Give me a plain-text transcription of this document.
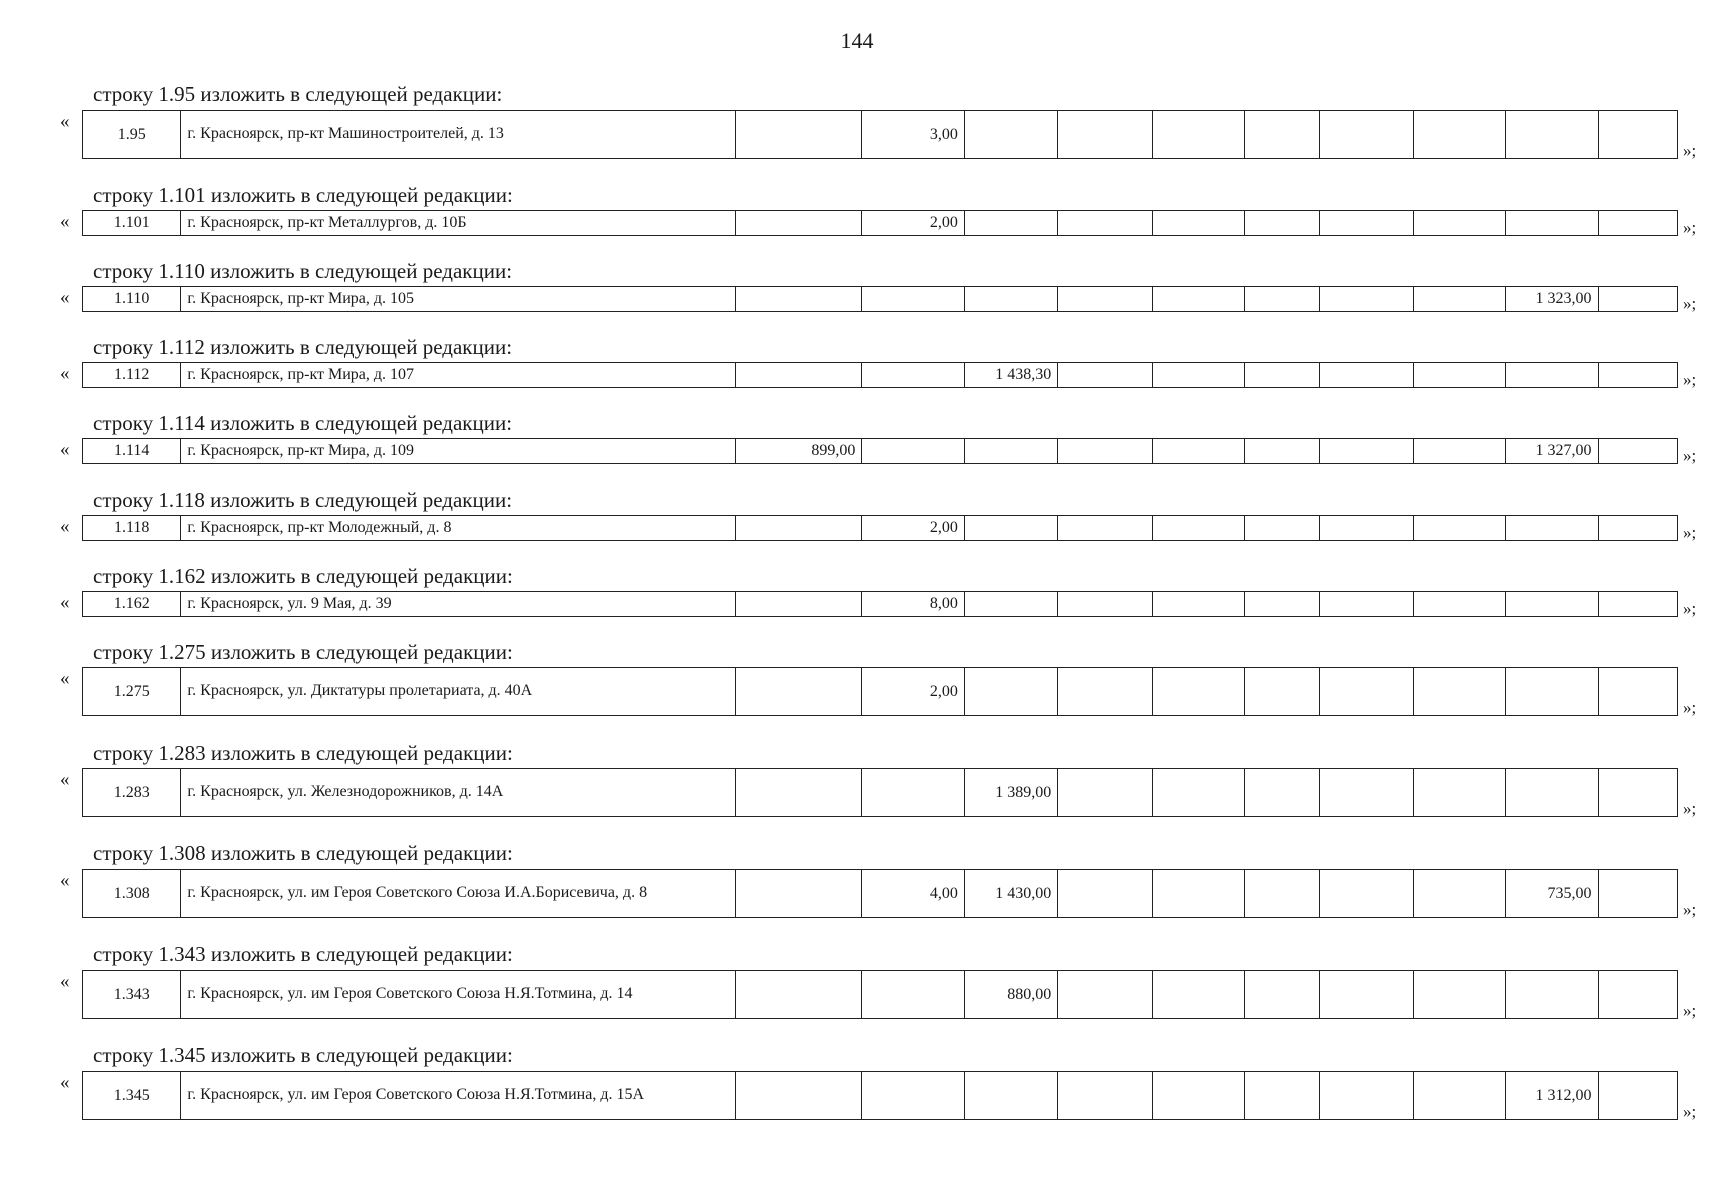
144
строку 1.95 изложить в следующей редакции:
«
1.95	г. Красноярск, пр-кт Машиностроителей, д. 13		3,00								
»;
строку 1.101 изложить в следующей редакции:
«	1.101	г. Красноярск, пр-кт Металлургов, д. 10Б		2,00									»;
строку 1.110 изложить в следующей редакции:
«	1.110	г. Красноярск, пр-кт Мира, д. 105									1 323,00		»;
строку 1.112 изложить в следующей редакции:
«	1.112	г. Красноярск, пр-кт Мира, д. 107			1 438,30								»;
строку 1.114 изложить в следующей редакции:
«	1.114	г. Красноярск, пр-кт Мира, д. 109	899,00								1 327,00		»;
строку 1.118 изложить в следующей редакции:
«	1.118	г. Красноярск, пр-кт Молодежный, д. 8		2,00									»;
строку 1.162 изложить в следующей редакции:
«	1.162	г. Красноярск, ул. 9 Мая, д. 39		8,00									»;
строку 1.275 изложить в следующей редакции:
«
1.275	г. Красноярск, ул. Диктатуры пролетариата, д. 40А		2,00								
»;
строку 1.283 изложить в следующей редакции:
«
1.283	г. Красноярск, ул. Железнодорожников, д. 14А			1 389,00							
»;
строку 1.308 изложить в следующей редакции:
«
1.308	г. Красноярск, ул. им Героя Советского Союза И.А.Борисевича, д. 8		4,00	1 430,00						735,00	
»;
строку 1.343 изложить в следующей редакции:
«
1.343	г. Красноярск, ул. им Героя Советского Союза Н.Я.Тотмина, д. 14			880,00							
»;
строку 1.345 изложить в следующей редакции:
«
1.345	г. Красноярск, ул. им Героя Советского Союза Н.Я.Тотмина, д. 15А									1 312,00	
»;
